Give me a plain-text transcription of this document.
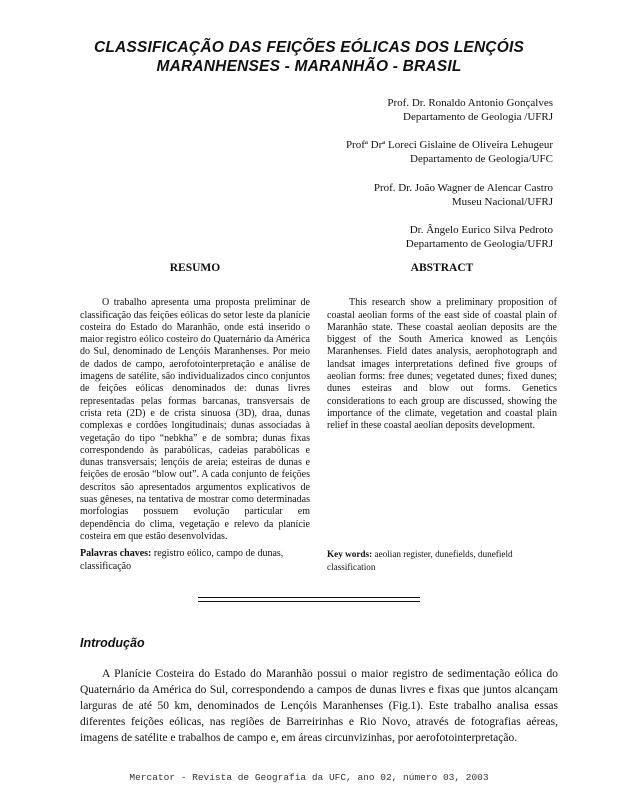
CLASSIFICAÇÃO DAS FEIÇÕES EÓLICAS DOS LENÇÓIS
MARANHENSES - MARANHÃO - BRASIL
Prof. Dr. Ronaldo Antonio Gonçalves
Departamento de Geologia /UFRJ
Profª Drª Loreci Gislaine de Oliveira Lehugeur
Departamento de Geologia/UFC
Prof. Dr. João Wagner de Alencar Castro
Museu Nacional/UFRJ
Dr. Ângelo Eurico Silva Pedroto
Departamento de Geologia/UFRJ
RESUMO

O trabalho apresenta uma proposta preliminar de classificação das feições eólicas do setor leste da planície costeira do Estado do Maranhão, onde está inserido o maior registro eólico costeiro do Quaternário da América do Sul, denominado de Lençóis Maranhenses. Por meio de dados de campo, aerofotointerpretação e análise de imagens de satélite, são individualizados cinco conjuntos de feições eólicas denominados de: dunas livres representadas pelas formas barcanas, transversais de crista reta (2D) e de crista sinuosa (3D), draa, dunas complexas e cordões longitudinais; dunas associadas à vegetação do tipo “nebkha” e de sombra; dunas fixas correspondendo às parabólicas, cadeias parabólicas e dunas transversais; lençóis de areia; esteiras de dunas e feições de erosão “blow out”. A cada conjunto de feições descritos são apresentados argumentos explicativos de suas gêneses, na tentativa de mostrar como determinadas morfologias possuem evolução particular em dependência do clima, vegetação e relevo da planície costeira em que estão desenvolvidas.

ABSTRACT

This research show a preliminary proposition of coastal aeolian forms of the east side of coastal plain of Maranhão state. These coastal aeolian deposits are the biggest of the South America knowed as Lençóis Maranhenses. Field dates analysis, aerophotograph and landsat images interpretations defined five groups of aeolian forms: free dunes; vegetated dunes; fixed dunes; dunes esteiras and blow out forms. Genetics considerations to each group are discussed, showing the importance of the climate, vegetation and coastal plain relief in these coastal aeolian deposits development.

Palavras chaves: registro eólico, campo de dunas, classificação
Key words: aeolian register, dunefields, dunefield classification
Introdução

A Planície Costeira do Estado do Maranhão possui o maior registro de sedimentação eólica do Quaternário da América do Sul, correspondendo a campos de dunas livres e fixas que juntos alcançam larguras de até 50 km, denominados de Lençóis Maranhenses (Fig.1). Este trabalho analisa essas diferentes feições eólicas, nas regiões de Barreirinhas e Rio Novo, através de fotografias aéreas, imagens de satélite e trabalhos de campo e, em áreas circunvizinhas, por aerofotointerpretação.

Mercator - Revista de Geografia da UFC, ano 02, número 03, 2003
